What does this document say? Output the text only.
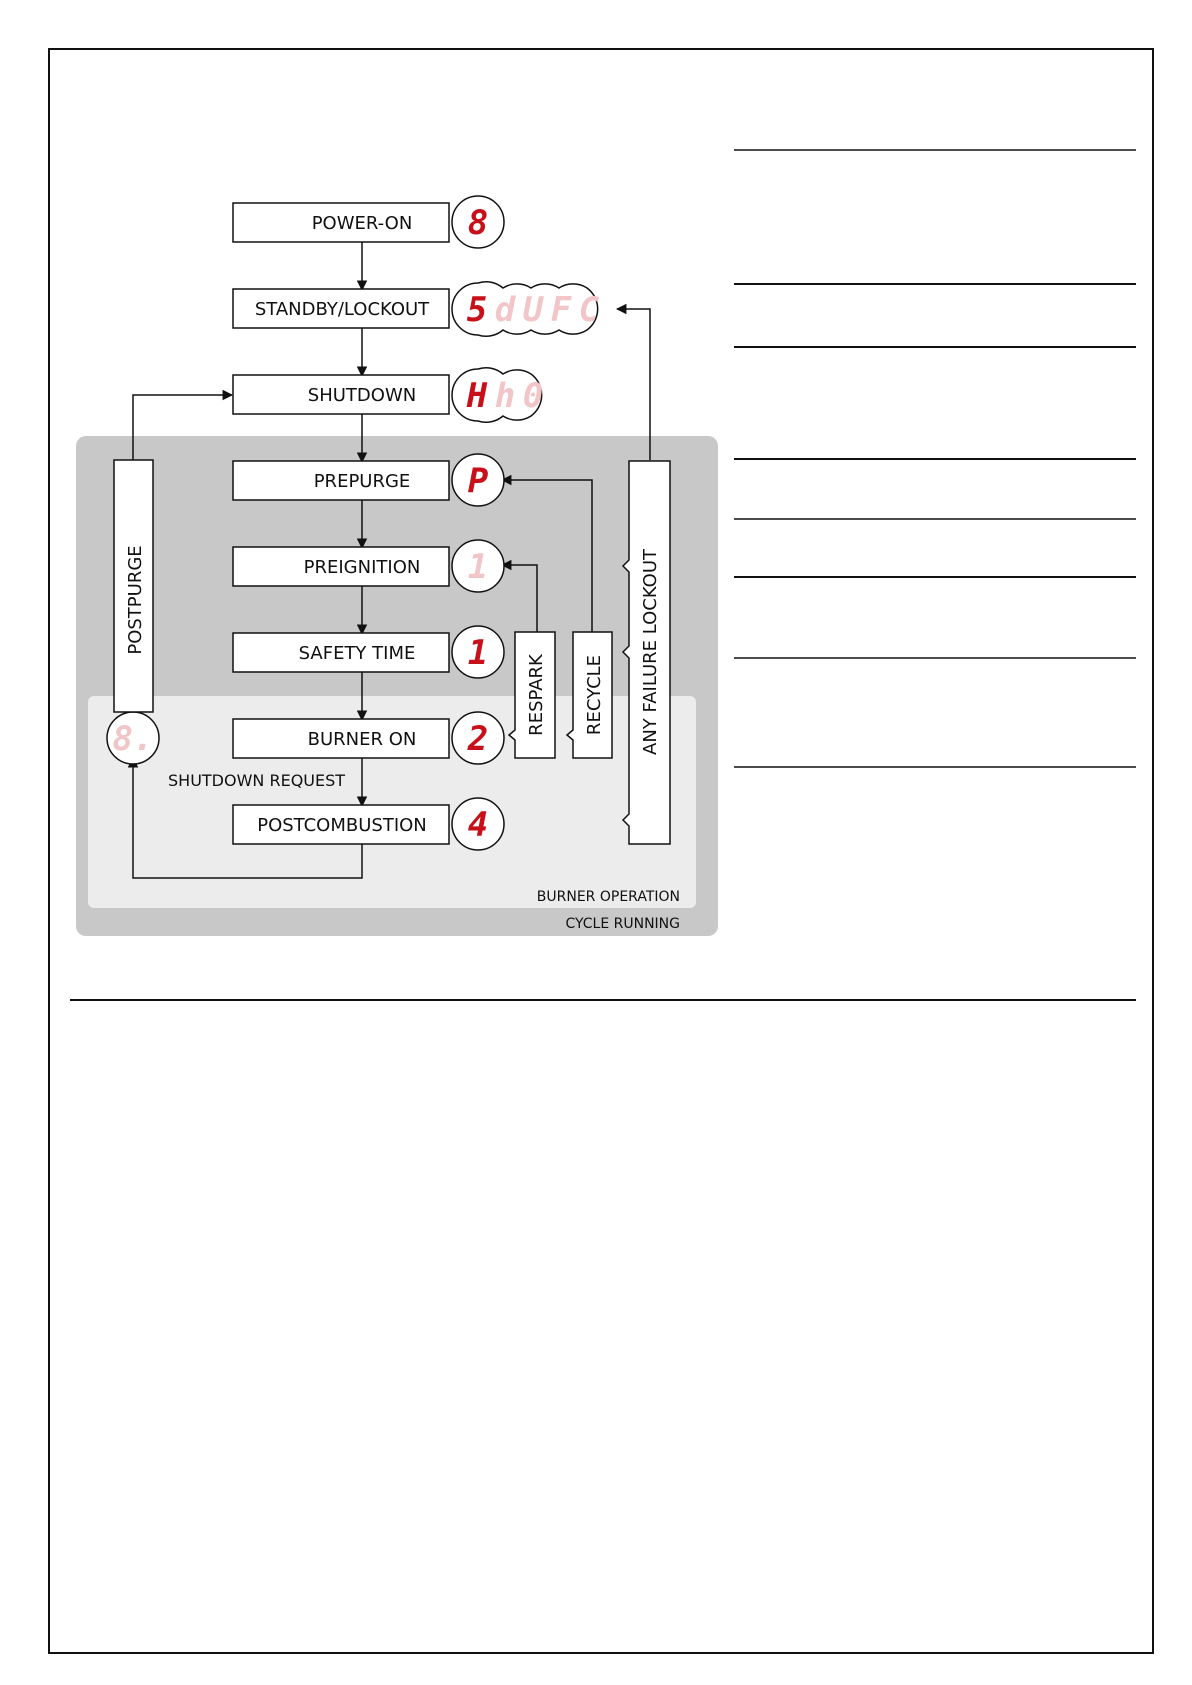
BURNER OPERATION
CYCLE RUNNING
POWER-ON
STANDBY/LOCKOUT
SHUTDOWN
PREPURGE
PREIGNITION
SAFETY TIME
BURNER ON
POSTCOMBUSTION
SHUTDOWN REQUEST
8
5 d U F C
H h 0
P
1
1
2
4
8.
POSTPURGE
RESPARK RECYCLE ANY FAILURE LOCKOUT
